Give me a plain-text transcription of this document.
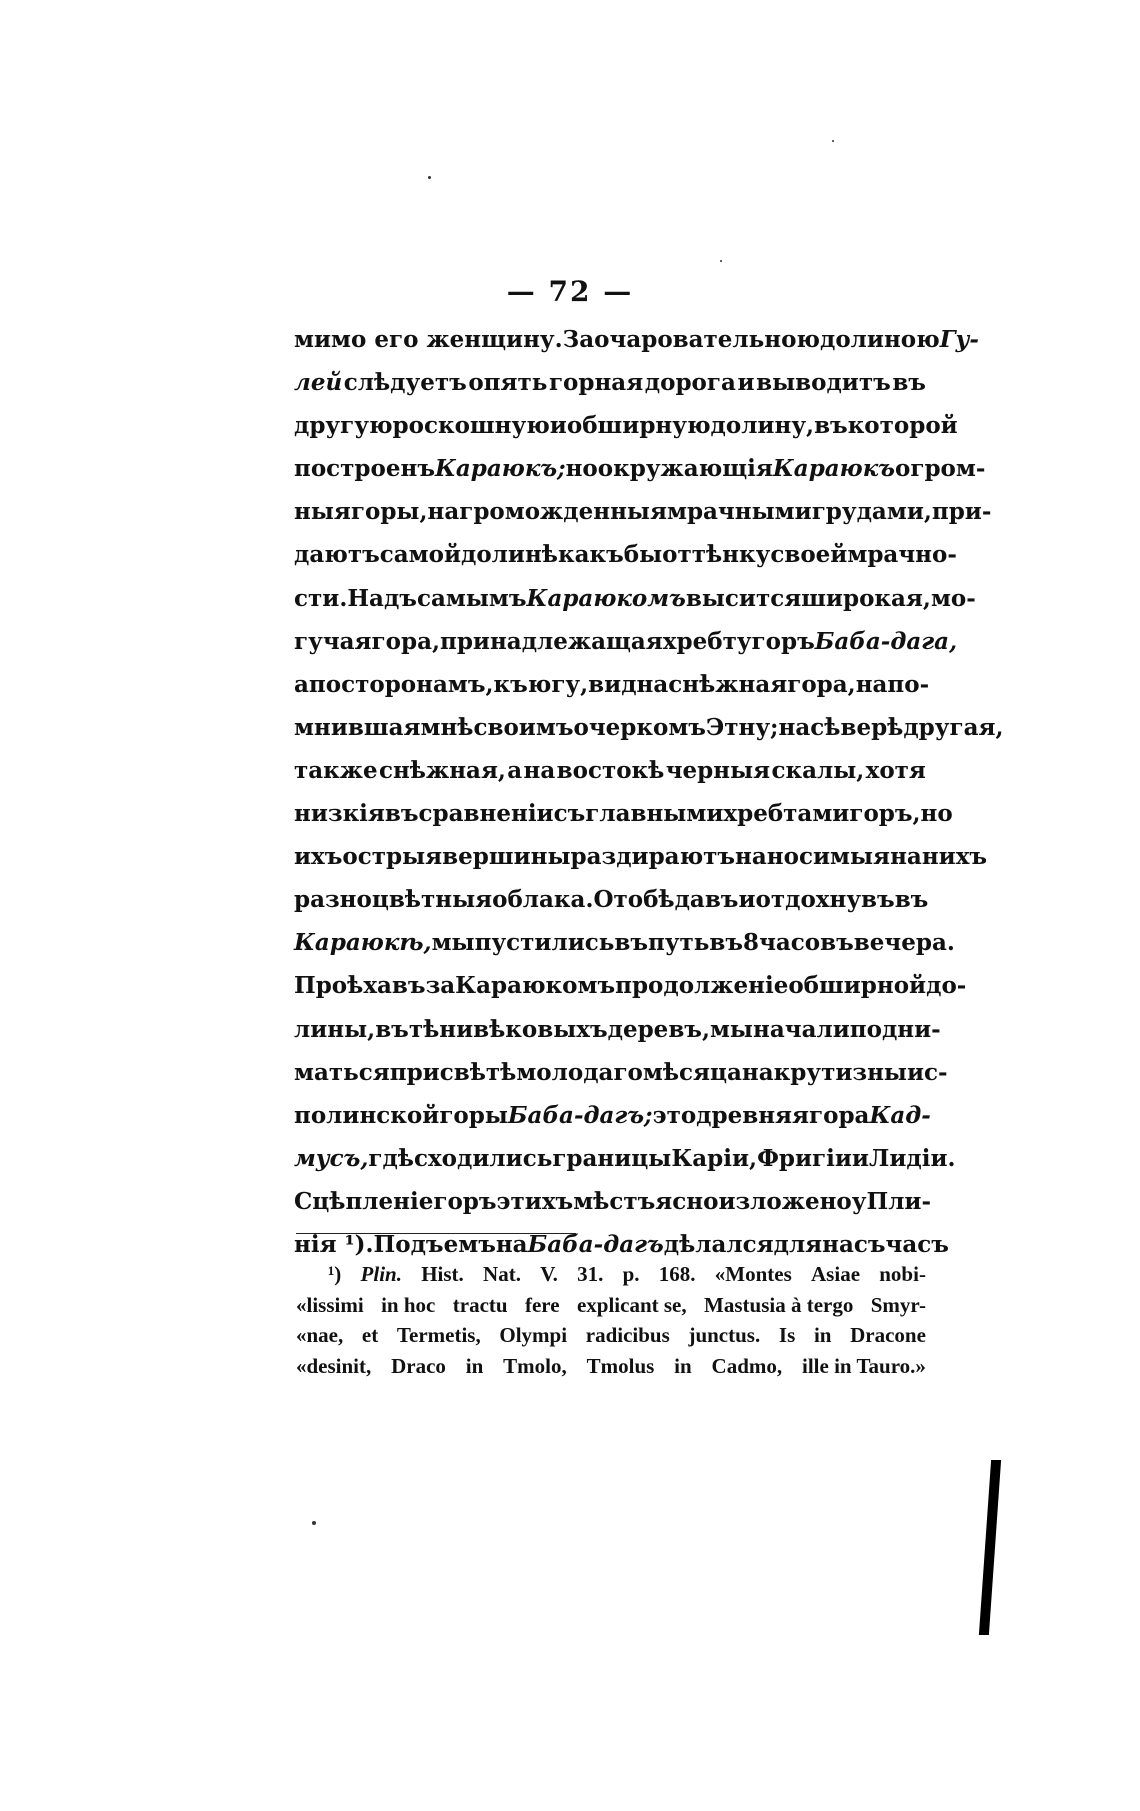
— 72 —
мимо его женщину. За очаровательною долиною Гу-
лей слѣдуетъ опять горная дорога и выводитъ въ
другую роскошную и обширную долину, въ которой
построенъ Караюкъ; но окружающія Караюкъ огром-
ныя горы, нагроможденныя мрачными грудами, при-
даютъ самой долинѣ какъ бы оттѣнку своей мрачно-
сти. Надъ самымъ Караюкомъ высится широкая, мо-
гучая гора, принадлежащая хребту горъ Баба-дага,
а по сторонамъ, къ югу, видна снѣжная гора, напо-
мнившая мнѣ своимъ очеркомъ Этну; на сѣверѣ другая,
также снѣжная, а на востокѣ черныя скалы, хотя
низкія въ сравненіи съ главными хребтами горъ, но
ихъ острыя вершины раздираютъ наносимыя на нихъ
разноцвѣтныя облака. Отобѣдавъ и отдохнувъ въ
Караюкѣ, мы пустились въ путь въ 8 часовъ вечера.
Проѣхавъ за Караюкомъ продолженіе обширной до-
лины, въ тѣни вѣковыхъ деревъ, мы начали подни-
маться при свѣтѣ молодаго мѣсяца на крутизны ис-
полинской горы Баба-дагъ; это древняя гора Кад-
мусъ, гдѣ сходились границы Каріи, Фригіи и Лидіи.
Сцѣпленіе горъ этихъ мѣстъ ясно изложено у Пли-
нія ¹). Подъемъ на Баба-дагъ дѣлался для насъ часъ
¹) Plin. Hist. Nat. V. 31. p. 168. «Montes Asiae nobi-
«lissimi in hoc tractu fere explicant se, Mastusia à tergo Smyr-
«nae, et Termetis, Olympi radicibus junctus. Is in Dracone
«desinit, Draco in Tmolo, Tmolus in Cadmo, ille in Tauro.»
